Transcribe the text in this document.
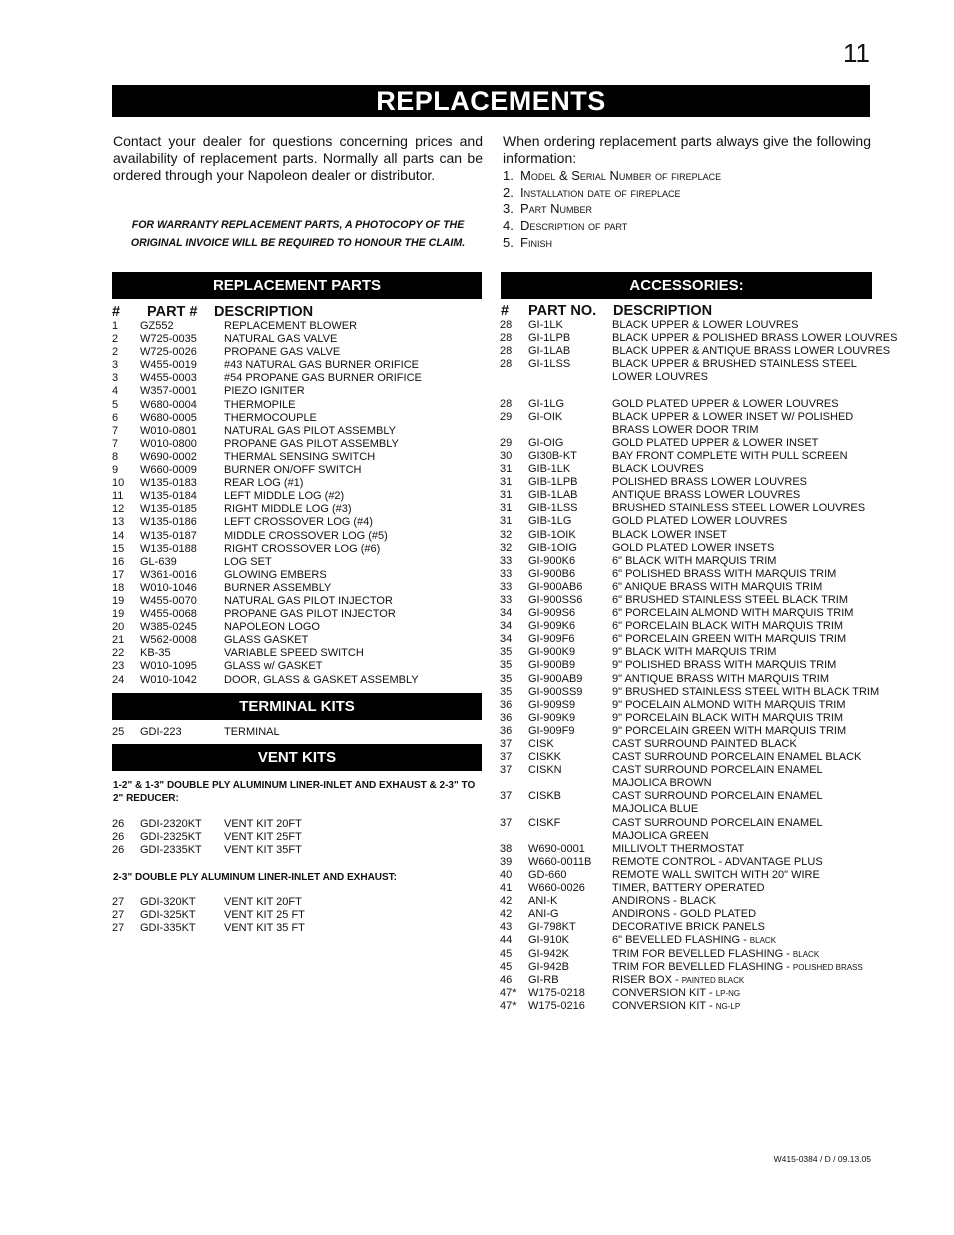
11
REPLACEMENTS
Contact your dealer for questions concerning prices and availability of replacement parts. Normally all parts can be ordered through your Napoleon dealer or distributor.
FOR WARRANTY REPLACEMENT PARTS, A PHOTOCOPY OF THE ORIGINAL INVOICE WILL BE REQUIRED TO HONOUR THE CLAIM.
When ordering replacement parts always give the following information:
1. Model & Serial Number of fireplace
2. Installation date of fireplace
3. Part Number
4. Description of part
5. Finish
REPLACEMENT PARTS
# PART # DESCRIPTION
1 GZ552	REPLACEMENT BLOWER
2 W725-0035 NATURAL GAS VALVE
2 W725-0026 PROPANE GAS VALVE
3 W455-0019 #43 NATURAL GAS BURNER ORIFICE
3 W455-0003 #54 PROPANE GAS BURNER ORIFICE
4 W357-0001 PIEZO IGNITER
5 W680-0004 THERMOPILE
6 W680-0005 THERMOCOUPLE
7 W010-0801 NATURAL GAS PILOT ASSEMBLY
7 W010-0800 PROPANE GAS PILOT ASSEMBLY
8 W690-0002 THERMAL SENSING SWITCH
9 W660-0009 BURNER ON/OFF SWITCH
10 W135-0183 REAR LOG (#1)
11 W135-0184 LEFT MIDDLE LOG (#2)
12 W135-0185 RIGHT MIDDLE LOG (#3)
13 W135-0186 LEFT CROSSOVER LOG (#4)
14 W135-0187 MIDDLE CROSSOVER LOG (#5)
15 W135-0188 RIGHT CROSSOVER LOG (#6)
16 GL-639	LOG SET
17 W361-0016 GLOWING EMBERS
18 W010-1046 BURNER ASSEMBLY
19 W455-0070 NATURAL GAS PILOT INJECTOR
19 W455-0068 PROPANE GAS PILOT INJECTOR
20 W385-0245 NAPOLEON LOGO
21 W562-0008 GLASS GASKET
22 KB-35	VARIABLE SPEED SWITCH
23 W010-1095 GLASS w/ GASKET
24 W010-1042 DOOR, GLASS & GASKET ASSEMBLY
TERMINAL KITS
25 GDI-223	TERMINAL
VENT KITS
1-2" & 1-3" DOUBLE PLY ALUMINUM LINER-INLET AND EXHAUST & 2-3" TO 2" REDUCER:
26 GDI-2320KT VENT KIT 20FT
26 GDI-2325KT VENT KIT 25FT
26 GDI-2335KT VENT KIT 35FT
2-3" DOUBLE PLY ALUMINUM LINER-INLET AND EXHAUST:
27 GDI-320KT	VENT KIT 20FT
27 GDI-325KT	VENT KIT 25 FT
27 GDI-335KT	VENT KIT 35 FT
ACCESSORIES:
# PART NO. DESCRIPTION
28 GI-1LK	BLACK UPPER & LOWER LOUVRES
28 GI-1LPB	BLACK UPPER & POLISHED BRASS LOWER LOUVRES
28 GI-1LAB	BLACK UPPER & ANTIQUE BRASS LOWER LOUVRES
28 GI-1LSS	BLACK UPPER & BRUSHED STAINLESS STEEL
LOWER LOUVRES
28 GI-1LG	GOLD PLATED UPPER & LOWER LOUVRES
29 GI-OIK	BLACK UPPER & LOWER INSET W/ POLISHED
BRASS LOWER DOOR TRIM
29 GI-OIG	GOLD PLATED UPPER & LOWER INSET
30 GI30B-KT	BAY FRONT COMPLETE WITH PULL SCREEN
31 GIB-1LK	BLACK LOUVRES
31 GIB-1LPB	POLISHED BRASS LOWER LOUVRES
31 GIB-1LAB	ANTIQUE BRASS LOWER LOUVRES
31 GIB-1LSS	BRUSHED STAINLESS STEEL LOWER LOUVRES
31 GIB-1LG	GOLD PLATED LOWER LOUVRES
32 GIB-1OIK	BLACK LOWER INSET
32 GIB-1OIG	GOLD PLATED LOWER INSETS
33 GI-900K6	6" BLACK WITH MARQUIS TRIM
33 GI-900B6	6" POLISHED BRASS WITH MARQUIS TRIM
33 GI-900AB6	6" ANIQUE BRASS WITH MARQUIS TRIM
33 GI-900SS6	6" BRUSHED STAINLESS STEEL BLACK TRIM
34 GI-909S6	6" PORCELAIN ALMOND WITH MARQUIS TRIM
34 GI-909K6	6" PORCELAIN BLACK WITH MARQUIS TRIM
34 GI-909F6	6" PORCELAIN GREEN WITH MARQUIS TRIM
35 GI-900K9	9" BLACK WITH MARQUIS TRIM
35 GI-900B9	9" POLISHED BRASS WITH MARQUIS TRIM
35 GI-900AB9	9" ANTIQUE BRASS WITH MARQUIS TRIM
35 GI-900SS9	9" BRUSHED STAINLESS STEEL WITH BLACK TRIM
36 GI-909S9	9" POCELAIN ALMOND WITH MARQUIS TRIM
36 GI-909K9	9" PORCELAIN BLACK WITH MARQUIS TRIM
36 GI-909F9	9" PORCELAIN GREEN WITH MARQUIS TRIM
37 CISK	CAST SURROUND PAINTED BLACK
37 CISKK	CAST SURROUND PORCELAIN ENAMEL BLACK
37 CISKN	CAST SURROUND PORCELAIN ENAMEL
MAJOLICA BROWN
37 CISKB	CAST SURROUND PORCELAIN ENAMEL
MAJOLICA BLUE
37 CISKF	CAST SURROUND PORCELAIN ENAMEL
MAJOLICA GREEN
38 W690-0001 MILLIVOLT THERMOSTAT
39 W660-0011B REMOTE CONTROL - ADVANTAGE PLUS
40 GD-660	REMOTE WALL SWITCH WITH 20" WIRE
41 W660-0026 TIMER, BATTERY OPERATED
42 ANI-K	ANDIRONS - BLACK
42 ANI-G	ANDIRONS - GOLD PLATED
43 GI-798KT	DECORATIVE BRICK PANELS
44 GI-910K	6" BEVELLED FLASHING - BLACK
45 GI-942K	TRIM FOR BEVELLED FLASHING - BLACK
45 GI-942B	TRIM FOR BEVELLED FLASHING - POLISHED BRASS
46 GI-RB	RISER BOX - PAINTED BLACK
47* W175-0218 CONVERSION KIT - LP-NG
47* W175-0216 CONVERSION KIT - NG-LP
W415-0384 / D / 09.13.05
